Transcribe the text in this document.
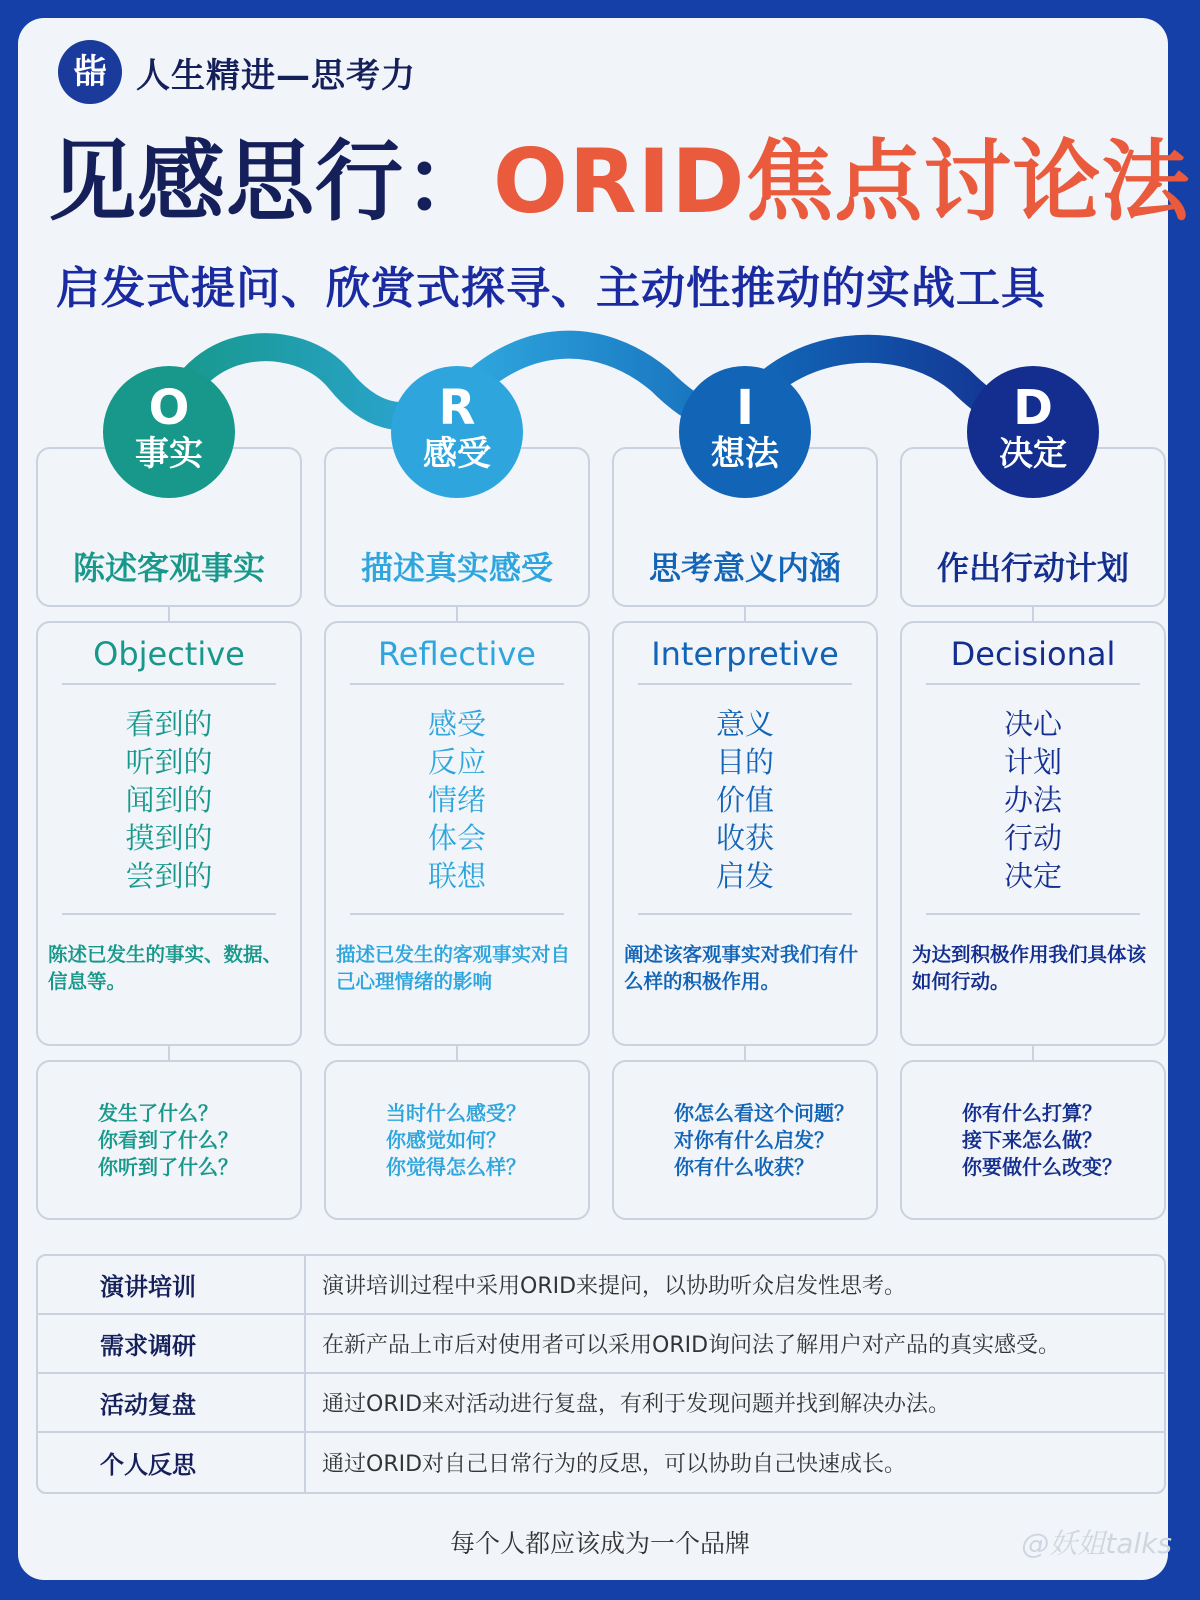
啙 人生精进—思考力
见感思行：ORID焦点讨论法
启发式提问、欣赏式探寻、主动性推动的实战工具
陈述客观事实
O
事实
Objective
看到的
听到的
闻到的
摸到的
尝到的
陈述已发生的事实、数据、信息等。
发生了什么？
你看到了什么？
你听到了什么？
描述真实感受
R
感受
Reflective
感受
反应
情绪
体会
联想
描述已发生的客观事实对自己心理情绪的影响
当时什么感受？
你感觉如何？
你觉得怎么样？
思考意义内涵
I
想法
Interpretive
意义
目的
价值
收获
启发
阐述该客观事实对我们有什么样的积极作用。
你怎么看这个问题？
对你有什么启发？
你有什么收获？
作出行动计划
D
决定
Decisional
决心
计划
办法
行动
决定
为达到积极作用我们具体该如何行动。
你有什么打算？
接下来怎么做？
你要做什么改变？
演讲培训	演讲培训过程中采用ORID来提问，以协助听众启发性思考。
需求调研	在新产品上市后对使用者可以采用ORID询问法了解用户对产品的真实感受。
活动复盘	通过ORID来对活动进行复盘，有利于发现问题并找到解决办法。
个人反思	通过ORID对自己日常行为的反思，可以协助自己快速成长。
每个人都应该成为一个品牌	@妖姐talks
